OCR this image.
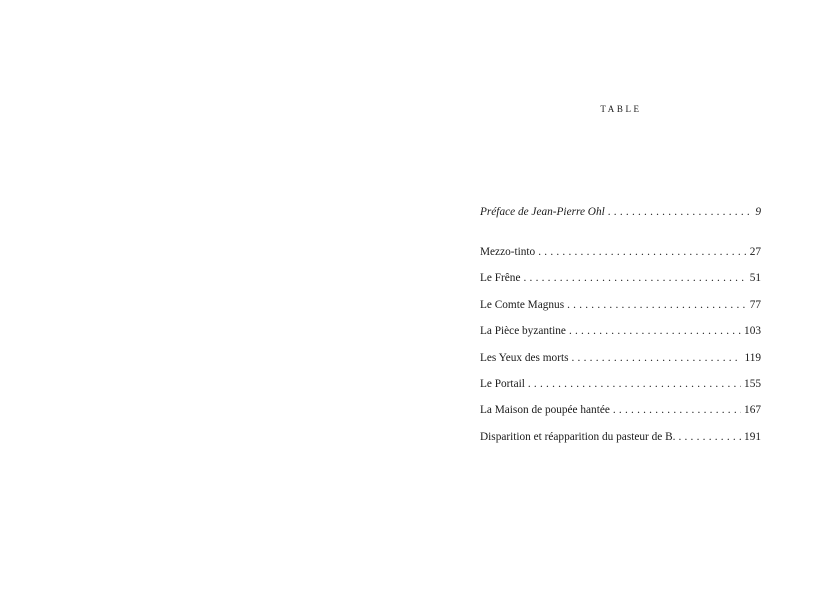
TABLE
Préface de Jean-Pierre Ohl . . .	9
Mezzo-tinto . . .	27
Le Frêne . . .	51
Le Comte Magnus . . .	77
La Pièce byzantine . . .	103
Les Yeux des morts . . .	119
Le Portail . . .	155
La Maison de poupée hantée . . .	167
Disparition et réapparition du pasteur de B. . . .	191
